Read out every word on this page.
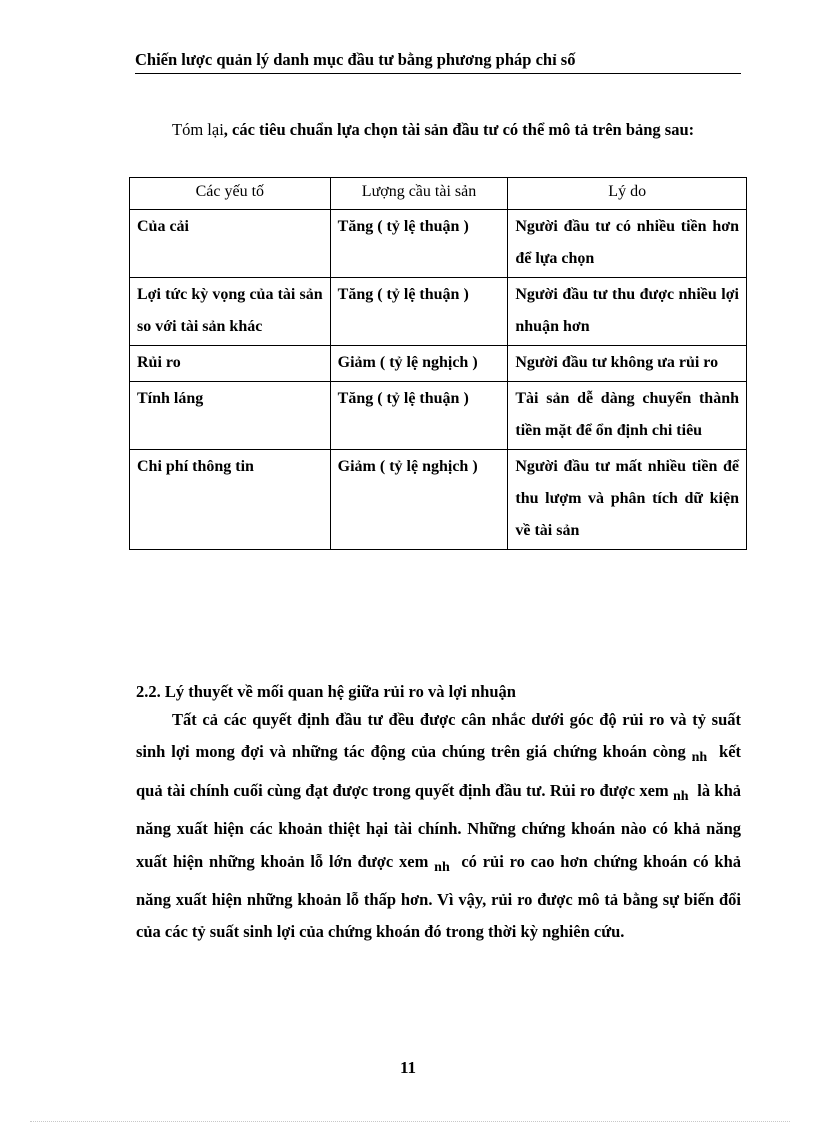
Chiến lược quản lý danh mục đầu tư bằng phương pháp chỉ số
Tóm lại, các tiêu chuẩn lựa chọn tài sản đầu tư có thể mô tả trên bảng sau:
Các yếu tố	Lượng cầu tài sản	Lý do
Của cải	Tăng ( tỷ lệ thuận )	Người đầu tư có nhiều tiền hơn để lựa chọn
Lợi tức kỳ vọng của tài sản so với tài sản khác	Tăng ( tỷ lệ thuận )	Người đầu tư thu được nhiều lợi nhuận hơn
Rủi ro	Giảm ( tỷ lệ nghịch )	Người đầu tư không ưa rủi ro
Tính láng	Tăng ( tỷ lệ thuận )	Tài sản dễ dàng chuyển thành tiền mặt để ổn định chi tiêu
Chi phí thông tin	Giảm ( tỷ lệ nghịch )	Người đầu tư mất nhiều tiền để thu lượm và phân tích dữ kiện về tài sản
2.2. Lý thuyết về mối quan hệ giữa rủi ro và lợi nhuận
Tất cả các quyết định đầu tư đều được cân nhắc dưới góc độ rủi ro và tỷ suất sinh lợi mong đợi và những tác động của chúng trên giá chứng khoán còng $_{nh}$ kết quả tài chính cuối cùng đạt được trong quyết định đầu tư. Rủi ro được xem $_{nh}$ là khả năng xuất hiện các khoản thiệt hại tài chính. Những chứng khoán nào có khả năng xuất hiện những khoản lỗ lớn được xem $_{nh}$ có rủi ro cao hơn chứng khoán có khả năng xuất hiện những khoản lỗ thấp hơn. Vì vậy, rủi ro được mô tả bằng sự biến đổi của các tỷ suất sinh lợi của chứng khoán đó trong thời kỳ nghiên cứu.
11
